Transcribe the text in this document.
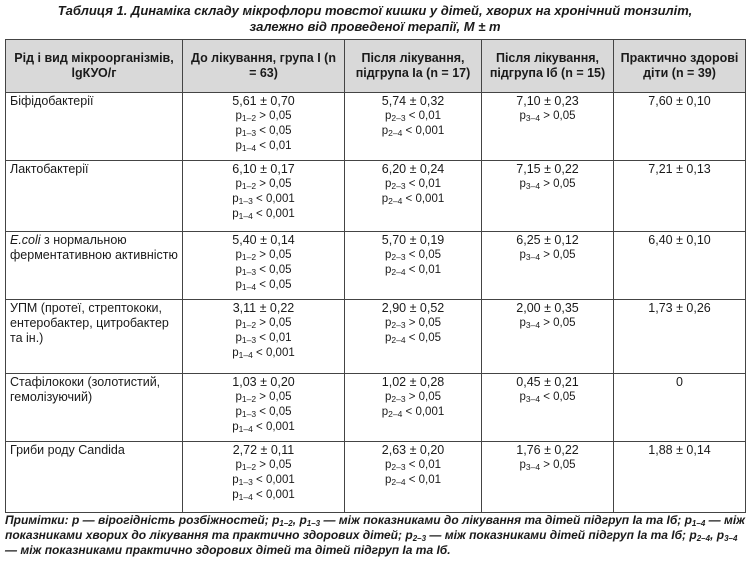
Таблиця 1. Динаміка складу мікрофлори товстої кишки у дітей, хворих на хронічний тонзиліт,
залежно від проведеної терапії, M ± m
Рід і вид мікроорганізмів, lgКУО/г	До лікування, група I (n = 63)	Після лікування, підгрупа Ia (n = 17)	Після лікування, підгрупа Iб (n = 15)	Практично здорові діти (n = 39)
Біфідобактерії	5,61 ± 0,70
$p_{1-2} > 0,05$
$p_{1-3} < 0,05$
$p_{1-4} < 0,01$	5,74 ± 0,32
$p_{2-3} < 0,01$
$p_{2-4} < 0,001$	7,10 ± 0,23
$p_{3-4} > 0,05$	7,60 ± 0,10

Лактобактерії	6,10 ± 0,17
$p_{1-2} > 0,05$
$p_{1-3} < 0,001$
$p_{1-4} < 0,001$	6,20 ± 0,24
$p_{2-3} < 0,01$
$p_{2-4} < 0,001$	7,15 ± 0,22
$p_{3-4} > 0,05$	7,21 ± 0,13

E.coli з нормальною ферментативною активністю	5,40 ± 0,14
$p_{1-2} > 0,05$
$p_{1-3} < 0,05$
$p_{1-4} < 0,05$	5,70 ± 0,19
$p_{2-3} < 0,05$
$p_{2-4} < 0,01$	6,25 ± 0,12
$p_{3-4} > 0,05$	6,40 ± 0,10

УПМ (протеї, стрептококи, ентеробактер, цитробактер та ін.)	3,11 ± 0,22
$p_{1-2} > 0,05$
$p_{1-3} < 0,01$
$p_{1-4} < 0,001$	2,90 ± 0,52
$p_{2-3} > 0,05$
$p_{2-4} < 0,05$	2,00 ± 0,35
$p_{3-4} > 0,05$	1,73 ± 0,26

Стафілококи (золотистий, гемолізуючий)	1,03 ± 0,20
$p_{1-2} > 0,05$
$p_{1-3} < 0,05$
$p_{1-4} < 0,001$	1,02 ± 0,28
$p_{2-3} > 0,05$
$p_{2-4} < 0,001$	0,45 ± 0,21
$p_{3-4} < 0,05$	0

Гриби роду Candida	2,72 ± 0,11
$p_{1-2} > 0,05$
$p_{1-3} < 0,001$
$p_{1-4} < 0,001$	2,63 ± 0,20
$p_{2-3} < 0,01$
$p_{2-4} < 0,01$	1,76 ± 0,22
$p_{3-4} > 0,05$	1,88 ± 0,14
Примітки: p — вірогідність розбіжностей; $p_{1-2}$, $p_{1-3}$ — між показниками до лікування та дітей підгруп Iа та Iб; $p_{1-4}$ — між показниками хворих до лікування та практично здорових дітей; $p_{2-3}$ — між показниками дітей підгруп Iа та Iб; $p_{2-4}$, $p_{3-4}$ — між показниками практично здорових дітей та дітей підгруп Iа та Iб.
